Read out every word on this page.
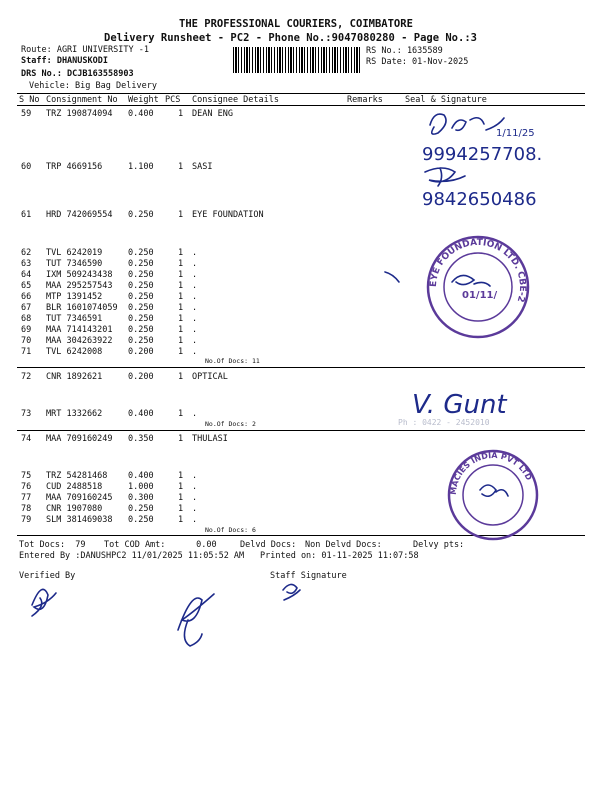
THE PROFESSIONAL COURIERS, COIMBATORE
Delivery Runsheet - PC2 - Phone No.:9047080280 - Page No.:3
Route: AGRI UNIVERSITY -1
Staff: DHANUSKODI
DRS No.: DCJB163558903
Vehicle: Big Bag Delivery
RS No.: 1635589
RS Date: 01-Nov-2025
S No Consignment No Weight PCS Consignee Details	Remarks	Seal & Signature
59 TRZ 190874094 0.400	1 DEAN ENG
60 TRP 4669156	1.100	1 SASI
61 HRD 742069554 0.250	1 EYE FOUNDATION
62 TVL 6242019	0.250	1 .
63 TUT 7346590	0.250	1 .
64 IXM 509243438 0.250	1 .
65 MAA 295257543 0.250	1 .
66 MTP 1391452	0.250	1 .
67 BLR 1601074059 0.250	1 .
68 TUT 7346591	0.250	1 .
69 MAA 714143201 0.250	1 .
70 MAA 304263922 0.250	1 .
71 TVL 6242008	0.200	1 .
72 CNR 1892621	0.200	1 OPTICAL
73 MRT 1332662	0.400	1 .
74 MAA 709160249 0.350	1 THULASI
75 TRZ 54281468 0.400	1 .
76 CUD 2488518	1.000	1 .
77 MAA 709160245 0.300	1 .
78 CNR 1907080	0.250	1 .
79 SLM 381469038 0.250	1 .
No.Of Docs: 11
No.Of Docs: 2
No.Of Docs: 6
1/11/25
9994257708.
9842650486
EYE FOUNDATION LTD. CBE-2
01/11/
Ph : 0422 - 2452010
V. Gunt
MACIES INDIA PVT LTD
Tot Docs:  79 Tot COD Amt:      0.00	Delvd Docs: Non Delvd Docs:	Delvy pts:
Entered By :DANUSHPC2 11/01/2025 11:05:52 AM Printed on: 01-11-2025 11:07:58
Verified By	Staff Signature
